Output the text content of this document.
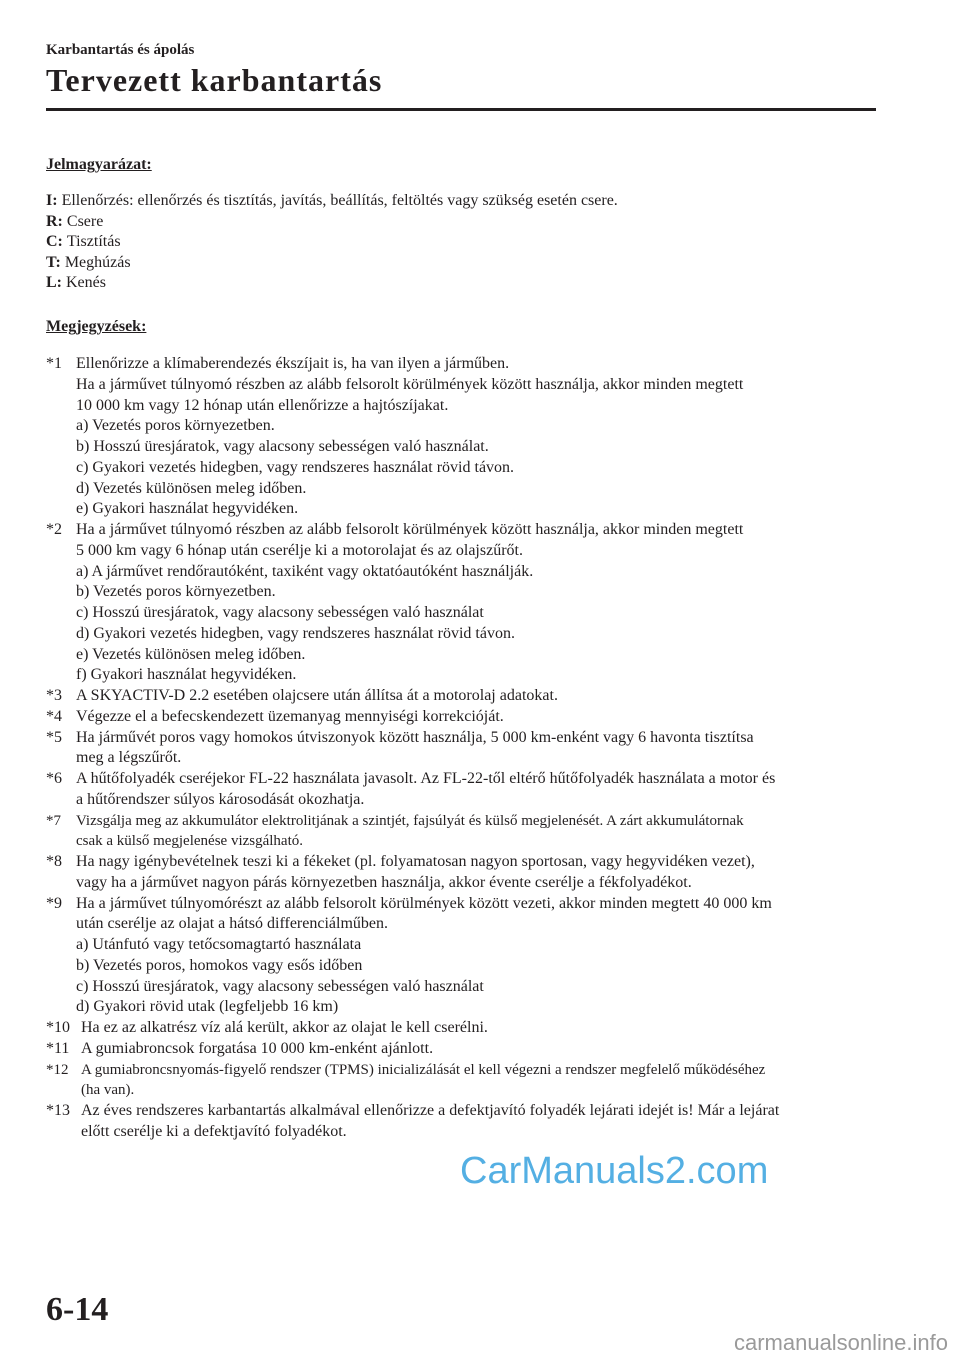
Karbantartás és ápolás
Tervezett karbantartás
Jelmagyarázat:
I: Ellenőrzés: ellenőrzés és tisztítás, javítás, beállítás, feltöltés vagy szükség esetén csere.
R: Csere
C: Tisztítás
T: Meghúzás
L: Kenés
Megjegyzések:
*1 Ellenőrizze a klímaberendezés ékszíjait is, ha van ilyen a járműben.
Ha a járművet túlnyomó részben az alább felsorolt körülmények között használja, akkor minden megtett
10 000 km vagy 12 hónap után ellenőrizze a hajtószíjakat.
a) Vezetés poros környezetben.
b) Hosszú üresjáratok, vagy alacsony sebességen való használat.
c) Gyakori vezetés hidegben, vagy rendszeres használat rövid távon.
d) Vezetés különösen meleg időben.
e) Gyakori használat hegyvidéken.
*2 Ha a járművet túlnyomó részben az alább felsorolt körülmények között használja, akkor minden megtett
5 000 km vagy 6 hónap után cserélje ki a motorolajat és az olajszűrőt.
a) A járművet rendőrautóként, taxiként vagy oktatóautóként használják.
b) Vezetés poros környezetben.
c) Hosszú üresjáratok, vagy alacsony sebességen való használat
d) Gyakori vezetés hidegben, vagy rendszeres használat rövid távon.
e) Vezetés különösen meleg időben.
f) Gyakori használat hegyvidéken.
*3 A SKYACTIV-D 2.2 esetében olajcsere után állítsa át a motorolaj adatokat.
*4 Végezze el a befecskendezett üzemanyag mennyiségi korrekcióját.
*5 Ha járművét poros vagy homokos útviszonyok között használja, 5 000 km-enként vagy 6 havonta tisztítsa
meg a légszűrőt.
*6 A hűtőfolyadék cseréjekor FL-22 használata javasolt. Az FL-22-től eltérő hűtőfolyadék használata a motor és
a hűtőrendszer súlyos károsodását okozhatja.
*7 Vizsgálja meg az akkumulátor elektrolitjának a szintjét, fajsúlyát és külső megjelenését. A zárt akkumulátornak
csak a külső megjelenése vizsgálható.
*8 Ha nagy igénybevételnek teszi ki a fékeket (pl. folyamatosan nagyon sportosan, vagy hegyvidéken vezet),
vagy ha a járművet nagyon párás környezetben használja, akkor évente cserélje a fékfolyadékot.
*9 Ha a járművet túlnyomórészt az alább felsorolt körülmények között vezeti, akkor minden megtett 40 000 km
után cserélje az olajat a hátsó differenciálműben.
a) Utánfutó vagy tetőcsomagtartó használata
b) Vezetés poros, homokos vagy esős időben
c) Hosszú üresjáratok, vagy alacsony sebességen való használat
d) Gyakori rövid utak (legfeljebb 16 km)
*10 Ha ez az alkatrész víz alá került, akkor az olajat le kell cserélni.
*11 A gumiabroncsok forgatása 10 000 km-enként ajánlott.
*12 A gumiabroncsnyomás-figyelő rendszer (TPMS) inicializálását el kell végezni a rendszer megfelelő működéséhez
(ha van).
*13 Az éves rendszeres karbantartás alkalmával ellenőrizze a defektjavító folyadék lejárati idejét is! Már a lejárat
előtt cserélje ki a defektjavító folyadékot.
CarManuals2.com
6-14
carmanualsonline.info
